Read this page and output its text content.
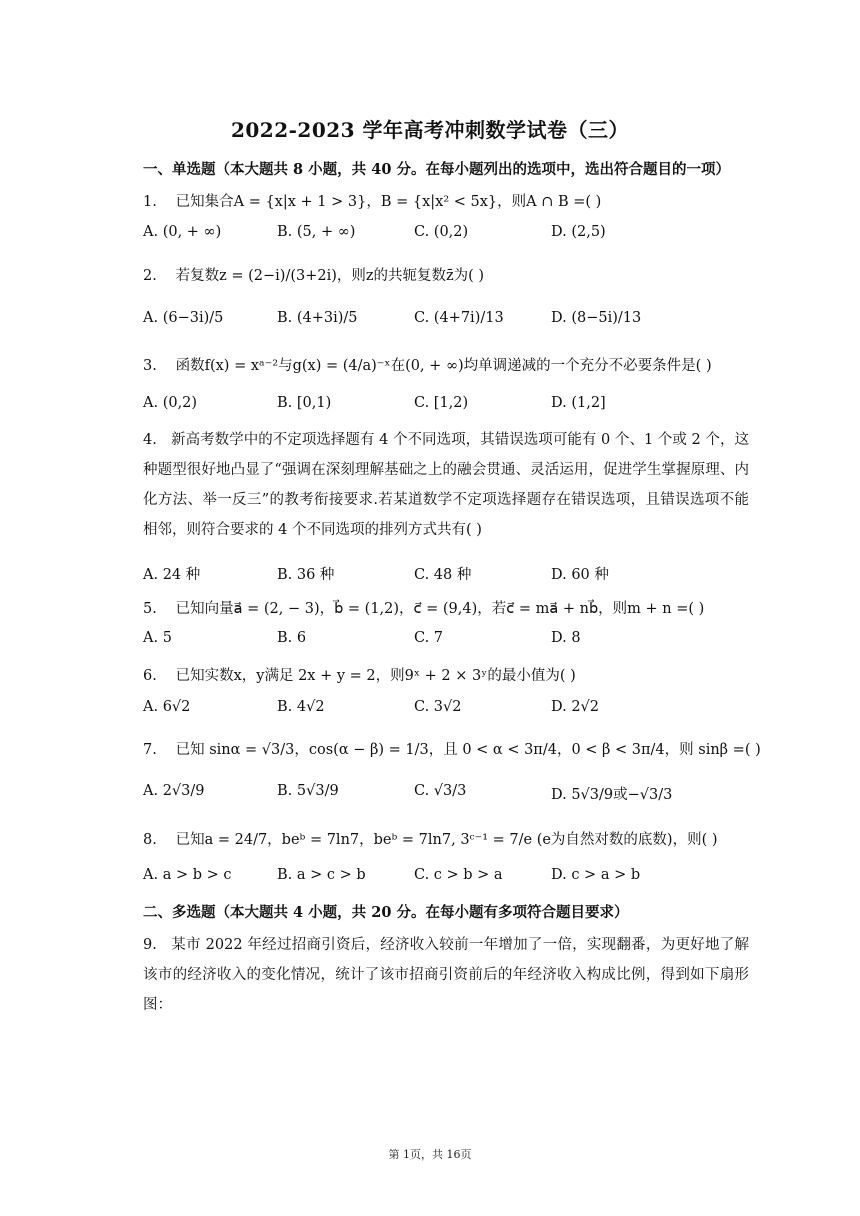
2022-2023 学年高考冲刺数学试卷（三）
一、单选题（本大题共 8 小题，共 40 分。在每小题列出的选项中，选出符合题目的一项）
1. 已知集合A = {x|x + 1 > 3}，B = {x|x² < 5x}，则A ∩ B =( )
A. (0, + ∞)	B. (5, + ∞)	C. (0,2)	D. (2,5)
2. 若复数z = (2−i)/(3+2i)，则z的共轭复数z̄为( )
A. (6−3i)/5	B. (4+3i)/5	C. (4+7i)/13	D. (8−5i)/13
3. 函数f(x) = xᵃ⁻²与g(x) = (4/a)⁻ˣ在(0, + ∞)均单调递减的一个充分不必要条件是( )
A. (0,2)	B. [0,1)	C. [1,2)	D. (1,2]
4. 新高考数学中的不定项选择题有 4 个不同选项，其错误选项可能有 0 个、1 个或 2 个，这种题型很好地凸显了“强调在深刻理解基础之上的融会贯通、灵活运用，促进学生掌握原理、内化方法、举一反三”的教考衔接要求.若某道数学不定项选择题存在错误选项，且错误选项不能相邻，则符合要求的 4 个不同选项的排列方式共有( )
A. 24 种	B. 36 种	C. 48 种	D. 60 种
5. 已知向量a⃗ = (2, − 3)，b⃗ = (1,2)，c⃗ = (9,4)，若c⃗ = ma⃗ + nb⃗，则m + n =( )
A. 5	B. 6	C. 7	D. 8
6. 已知实数x，y满足 2x + y = 2，则9ˣ + 2 × 3ʸ的最小值为( )
A. 6√2	B. 4√2	C. 3√2	D. 2√2
7. 已知 sinα = √3/3，cos(α − β) = 1/3，且 0 < α < 3π/4，0 < β < 3π/4，则 sinβ =( )
A. 2√3/9	B. 5√3/9	C. √3/3	D. 5√3/9或−√3/3
8. 已知a = 24/7，beᵇ = 7ln7，beᵇ = 7ln7, 3ᶜ⁻¹ = 7/e (e为自然对数的底数)，则( )
A. a > b > c	B. a > c > b	C. c > b > a	D. c > a > b
二、多选题（本大题共 4 小题，共 20 分。在每小题有多项符合题目要求）
9. 某市 2022 年经过招商引资后，经济收入较前一年增加了一倍，实现翻番，为更好地了解该市的经济收入的变化情况，统计了该市招商引资前后的年经济收入构成比例，得到如下扇形图：
第 1页，共 16页
